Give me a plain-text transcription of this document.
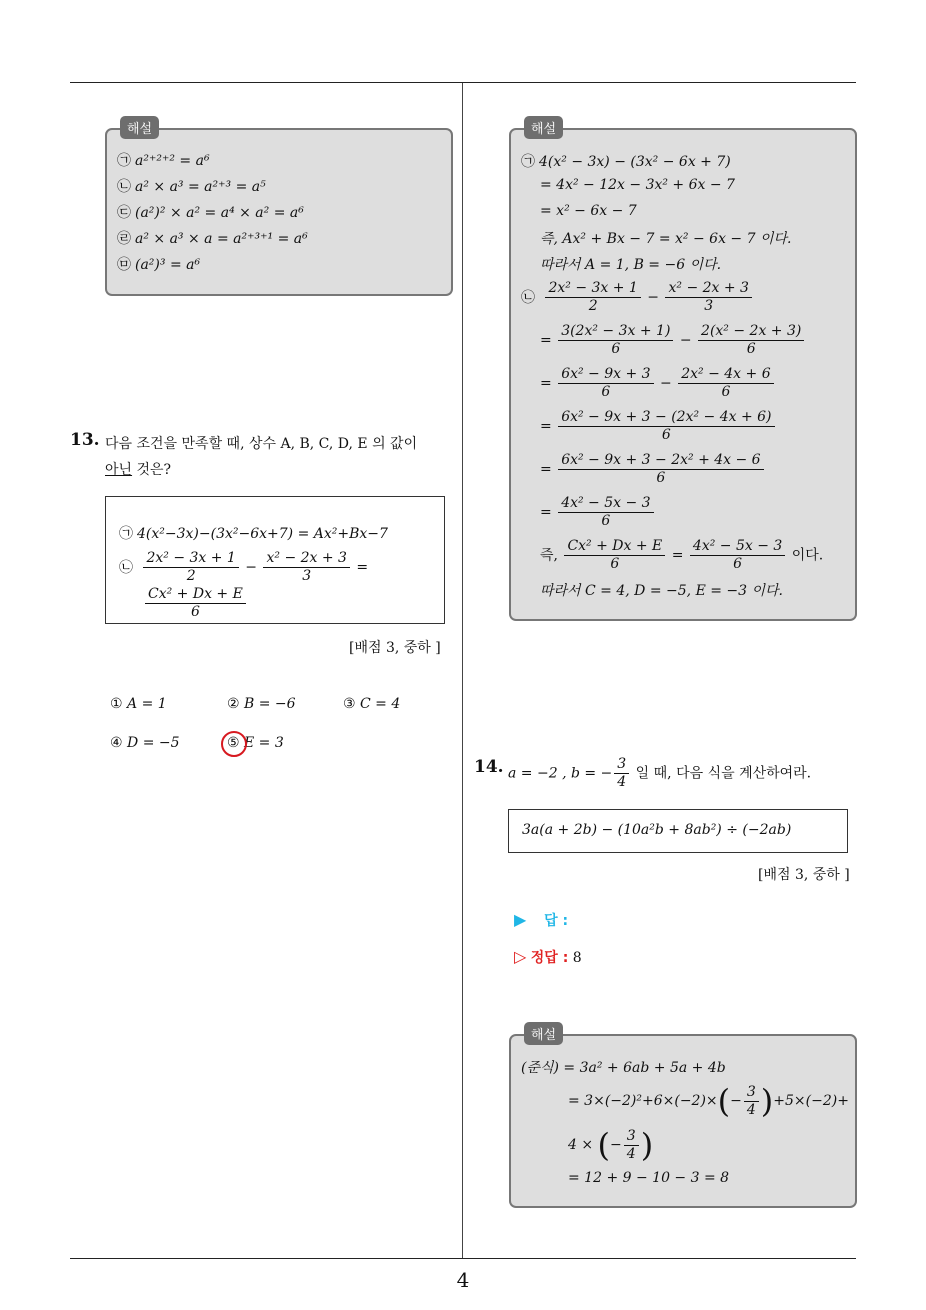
해설
㉠ a²⁺²⁺² = a⁶
㉡ a² × a³ = a²⁺³ = a⁵
㉢ (a²)² × a² = a⁴ × a² = a⁶
㉣ a² × a³ × a = a²⁺³⁺¹ = a⁶
㉤ (a²)³ = a⁶
13. 다음 조건을 만족할 때, 상수 A, B, C, D, E 의 값이
아닌 것은?
㉠ 4(x²−3x)−(3x²−6x+7) = Ax²+Bx−7
㉡ $\frac{\text{2x² − 3x + 1}}{2} - \frac{\text{x² − 2x + 3}}{3}$ =
$\frac{\text{Cx² + Dx + E}}{6}$
[배점 3, 중하 ]
① A = 1	② B = −6	③ C = 4
④ D = −5	⑤ E = 3
해설
㉠ 4(x² − 3x) − (3x² − 6x + 7)
= 4x² − 12x − 3x² + 6x − 7
= x² − 6x − 7
즉, Ax² + Bx − 7 = x² − 6x − 7 이다.
따라서 A = 1, B = −6 이다.
㉡ $\frac{\text{2x² − 3x + 1}}{2} - \frac{\text{x² − 2x + 3}}{3}$
= $\frac{\text{3(2x² − 3x + 1)}}{6} - \frac{\text{2(x² − 2x + 3)}}{6}$
= $\frac{\text{6x² − 9x + 3}}{6} - \frac{\text{2x² − 4x + 6}}{6}$
= $\frac{\text{6x² − 9x + 3 − (2x² − 4x + 6)}}{6}$
= $\frac{\text{6x² − 9x + 3 − 2x² + 4x − 6}}{6}$
= $\frac{\text{4x² − 5x − 3}}{6}$
즉, $\frac{\text{Cx² + Dx + E}}{6} = \frac{\text{4x² − 5x − 3}}{6}$ 이다.
따라서 C = 4, D = −5, E = −3 이다.
14. a = −2 , b = − $\frac{3}{4}$ 일 때, 다음 식을 계산하여라.
3a(a + 2b) − (10a²b + 8ab²) ÷ (−2ab)
[배점 3, 중하 ]
▶ 답 :
▷ 정답 : 8
해설
(준식) = 3a² + 6ab + 5a + 4b
= $3\times(-2)^2+6\times(-2)\times(- \frac{3}{4} )+5\times(-2)+$
4 × (− $\frac{3}{4}$ )
= 12 + 9 − 10 − 3 = 8
4
